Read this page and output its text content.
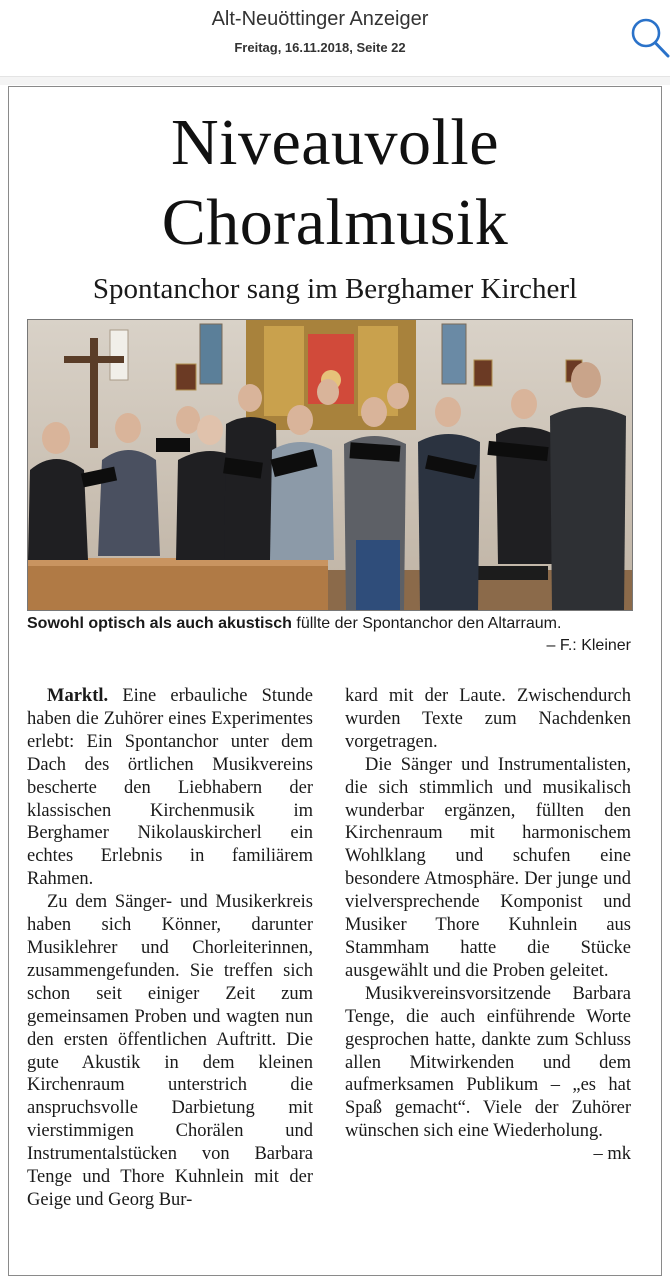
Alt-Neuöttinger Anzeiger
Freitag, 16.11.2018, Seite 22
Niveauvolle
Choralmusik
Spontanchor sang im Berghamer Kircherl
Sowohl optisch als auch akustisch füllte der Spontanchor den Altarraum.
– F.: Kleiner

Marktl. Eine erbauliche Stunde haben die Zuhörer eines Experimentes erlebt: Ein Spontanchor unter dem Dach des örtlichen Musikvereins bescherte den Liebhabern der klassischen Kirchenmusik im Berghamer Nikolauskircherl ein echtes Erlebnis in familiärem Rahmen.

Zu dem Sänger- und Musikerkreis haben sich Könner, darunter Musiklehrer und Chorleiterinnen, zusammengefunden. Sie treffen sich schon seit einiger Zeit zum gemeinsamen Proben und wagten nun den ersten öffentlichen Auftritt. Die gute Akustik in dem kleinen Kirchenraum unterstrich die anspruchsvolle Darbietung mit vierstimmigen Chorälen und Instrumentalstücken von Barbara Tenge und Thore Kuhnlein mit der Geige und Georg Bur-

kard mit der Laute. Zwischendurch wurden Texte zum Nachdenken vorgetragen.

Die Sänger und Instrumentalisten, die sich stimmlich und musikalisch wunderbar ergänzen, füllten den Kirchenraum mit harmonischem Wohlklang und schufen eine besondere Atmosphäre. Der junge und vielversprechende Komponist und Musiker Thore Kuhnlein aus Stammham hatte die Stücke ausgewählt und die Proben geleitet.

Musikvereinsvorsitzende Barbara Tenge, die auch einführende Worte gesprochen hatte, dankte zum Schluss allen Mitwirkenden und dem aufmerksamen Publikum – „es hat Spaß gemacht“. Viele der Zuhörer wünschen sich eine Wiederholung.
– mk
